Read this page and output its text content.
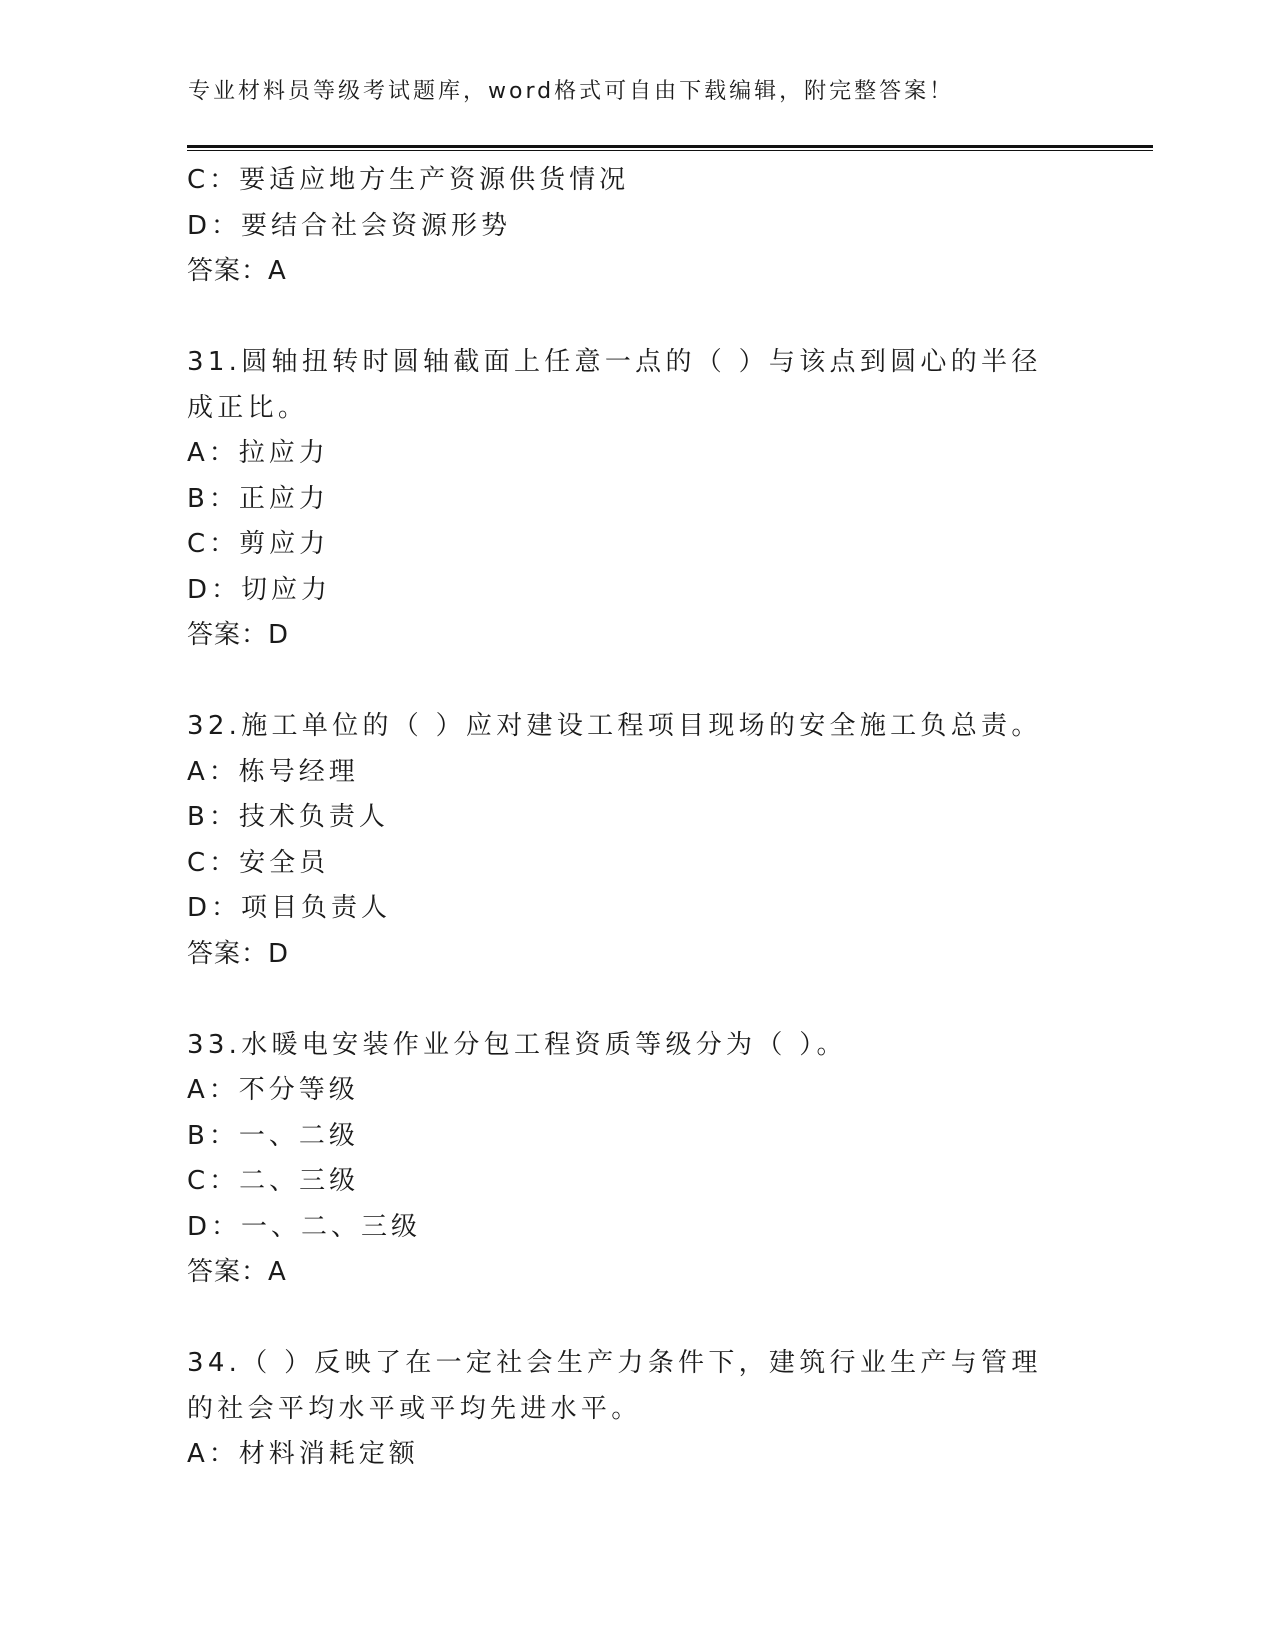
专业材料员等级考试题库，word格式可自由下载编辑，附完整答案！
C：要适应地方生产资源供货情况
D：要结合社会资源形势
答案：A
31.圆轴扭转时圆轴截面上任意一点的（ ）与该点到圆心的半径成正比。
A：拉应力
B：正应力
C：剪应力
D：切应力
答案：D
32.施工单位的（ ）应对建设工程项目现场的安全施工负总责。
A：栋号经理
B：技术负责人
C：安全员
D：项目负责人
答案：D
33.水暖电安装作业分包工程资质等级分为（ ）。
A：不分等级
B：一、二级
C：二、三级
D：一、二、三级
答案：A
34.（ ）反映了在一定社会生产力条件下，建筑行业生产与管理的社会平均水平或平均先进水平。
A：材料消耗定额
